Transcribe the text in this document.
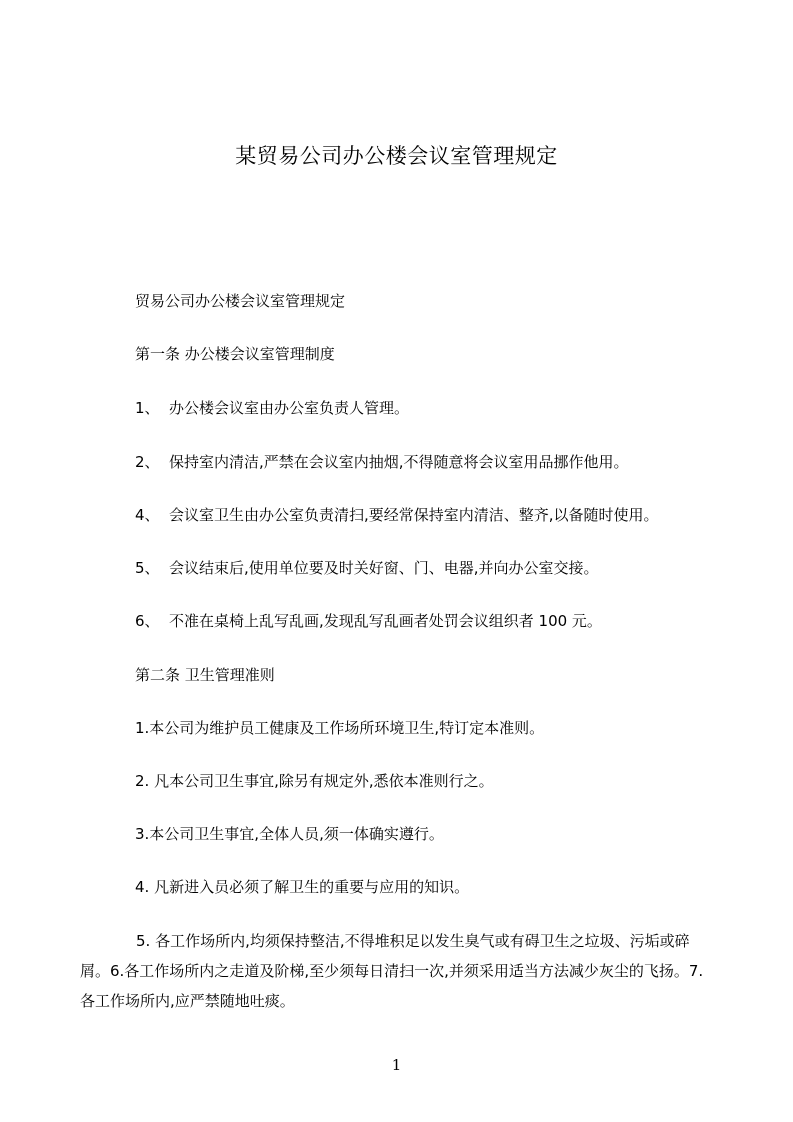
某贸易公司办公楼会议室管理规定

贸易公司办公楼会议室管理规定

第一条 办公楼会议室管理制度

1、 办公楼会议室由办公室负责人管理。

2、 保持室内清洁,严禁在会议室内抽烟,不得随意将会议室用品挪作他用。

4、 会议室卫生由办公室负责清扫,要经常保持室内清洁、整齐,以备随时使用。

5、 会议结束后,使用单位要及时关好窗、门、电器,并向办公室交接。

6、 不准在桌椅上乱写乱画,发现乱写乱画者处罚会议组织者 100 元。

第二条 卫生管理准则

1.本公司为维护员工健康及工作场所环境卫生,特订定本准则。

2. 凡本公司卫生事宜,除另有规定外,悉依本准则行之。

3.本公司卫生事宜,全体人员,须一体确实遵行。

4. 凡新进入员必须了解卫生的重要与应用的知识。

5. 各工作场所内,均须保持整洁,不得堆积足以发生臭气或有碍卫生之垃圾、污垢或碎屑。6.各工作场所内之走道及阶梯,至少须每日清扫一次,并须采用适当方法减少灰尘的飞扬。7.各工作场所内,应严禁随地吐痰。

1
